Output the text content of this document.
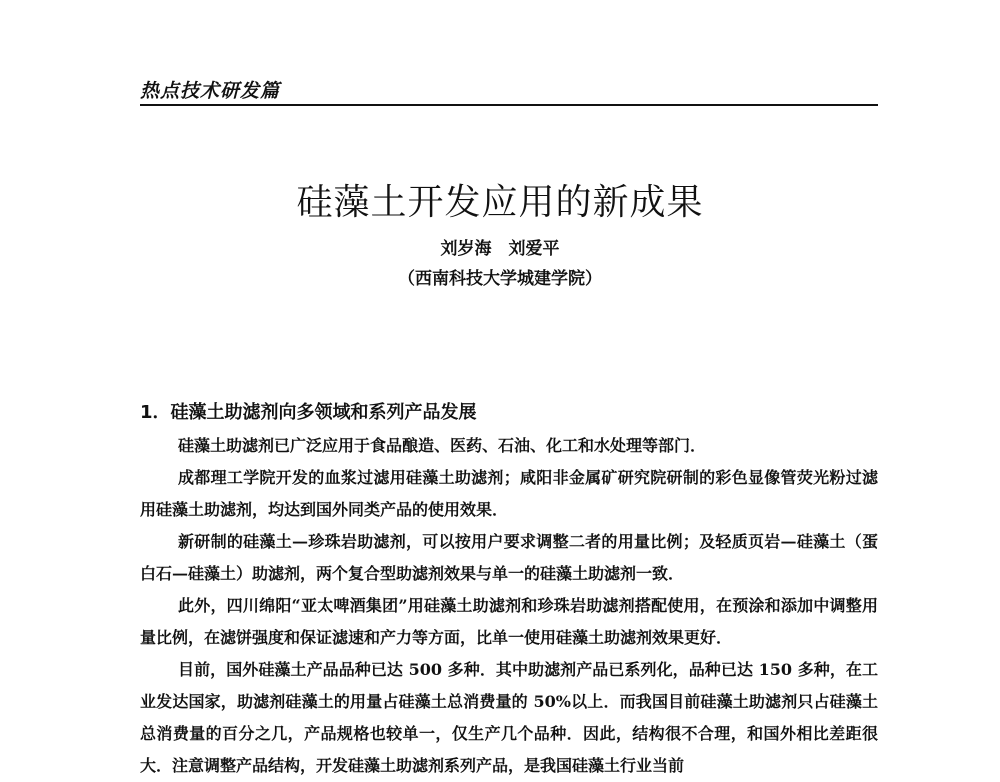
热点技术研发篇
硅藻土开发应用的新成果
刘岁海　刘爱平
（西南科技大学城建学院）
1．硅藻土助滤剂向多领域和系列产品发展

硅藻土助滤剂已广泛应用于食品酿造、医药、石油、化工和水处理等部门．

成都理工学院开发的血浆过滤用硅藻土助滤剂；咸阳非金属矿研究院研制的彩色显像管荧光粉过滤用硅藻土助滤剂，均达到国外同类产品的使用效果．

新研制的硅藻土—珍珠岩助滤剂，可以按用户要求调整二者的用量比例；及轻质页岩—硅藻土（蛋白石—硅藻土）助滤剂，两个复合型助滤剂效果与单一的硅藻土助滤剂一致．

此外，四川绵阳“亚太啤酒集团”用硅藻土助滤剂和珍珠岩助滤剂搭配使用，在预涂和添加中调整用量比例，在滤饼强度和保证滤速和产力等方面，比单一使用硅藻土助滤剂效果更好．

目前，国外硅藻土产品品种已达 500 多种．其中助滤剂产品已系列化，品种已达 150 多种，在工业发达国家，助滤剂硅藻土的用量占硅藻土总消费量的 50%以上．而我国目前硅藻土助滤剂只占硅藻土总消费量的百分之几，产品规格也较单一，仅生产几个品种．因此，结构很不合理，和国外相比差距很大．注意调整产品结构，开发硅藻土助滤剂系列产品，是我国硅藻土行业当前
